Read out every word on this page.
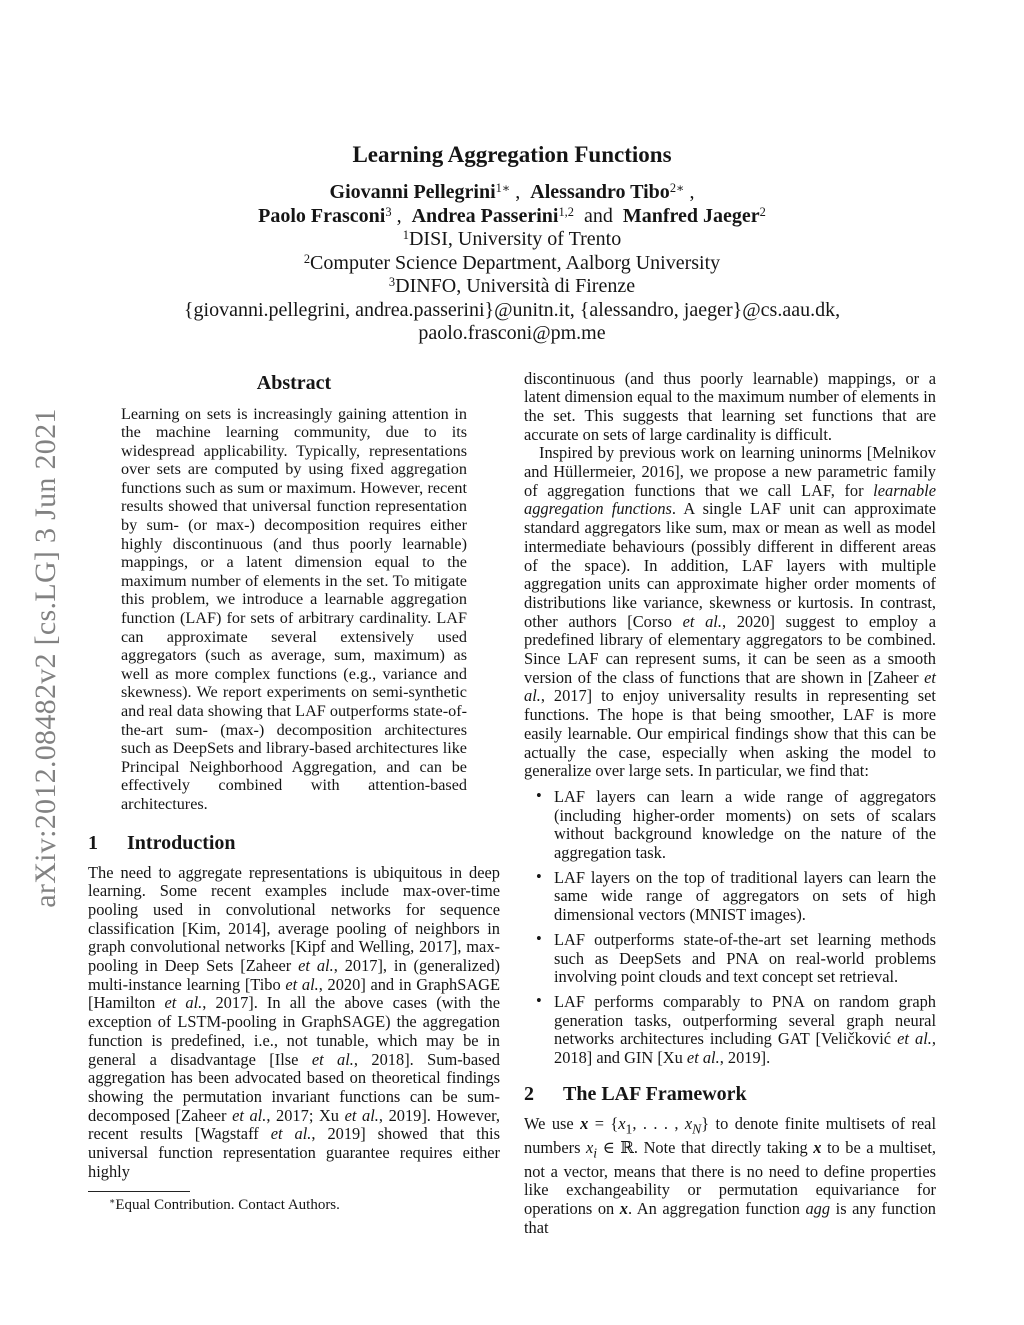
arXiv:2012.08482v2 [cs.LG] 3 Jun 2021
Learning Aggregation Functions
Giovanni Pellegrini$^{1∗}$ ,  Alessandro Tibo$^{2∗}$ ,
Paolo Frasconi$^3$ ,  Andrea Passerini$^{1,2}$  and  Manfred Jaeger$^2$
$^1$DISI, University of Trento
$^2$Computer Science Department, Aalborg University
$^3$DINFO, Università di Firenze
{giovanni.pellegrini, andrea.passerini}@unitn.it, {alessandro, jaeger}@cs.aau.dk,
paolo.frasconi@pm.me
Abstract

Learning on sets is increasingly gaining attention in the machine learning community, due to its widespread applicability. Typically, representations over sets are computed by using fixed aggregation functions such as sum or maximum. However, recent results showed that universal function representation by sum- (or max-) decomposition requires either highly discontinuous (and thus poorly learnable) mappings, or a latent dimension equal to the maximum number of elements in the set. To mitigate this problem, we introduce a learnable aggregation function (LAF) for sets of arbitrary cardinality. LAF can approximate several extensively used aggregators (such as average, sum, maximum) as well as more complex functions (e.g., variance and skewness). We report experiments on semi-synthetic and real data showing that LAF outperforms state-of-the-art sum- (max-) decomposition architectures such as DeepSets and library-based architectures like Principal Neighborhood Aggregation, and can be effectively combined with attention-based architectures.

1 Introduction

The need to aggregate representations is ubiquitous in deep learning. Some recent examples include max-over-time pooling used in convolutional networks for sequence classification [Kim, 2014], average pooling of neighbors in graph convolutional networks [Kipf and Welling, 2017], max-pooling in Deep Sets [Zaheer et al., 2017], in (generalized) multi-instance learning [Tibo et al., 2020] and in GraphSAGE [Hamilton et al., 2017]. In all the above cases (with the exception of LSTM-pooling in GraphSAGE) the aggregation function is predefined, i.e., not tunable, which may be in general a disadvantage [Ilse et al., 2018]. Sum-based aggregation has been advocated based on theoretical findings showing the permutation invariant functions can be sum-decomposed [Zaheer et al., 2017; Xu et al., 2019]. However, recent results [Wagstaff et al., 2019] showed that this universal function representation guarantee requires either highly

∗Equal Contribution. Contact Authors.

discontinuous (and thus poorly learnable) mappings, or a latent dimension equal to the maximum number of elements in the set. This suggests that learning set functions that are accurate on sets of large cardinality is difficult.

Inspired by previous work on learning uninorms [Melnikov and Hüllermeier, 2016], we propose a new parametric family of aggregation functions that we call LAF, for learnable aggregation functions. A single LAF unit can approximate standard aggregators like sum, max or mean as well as model intermediate behaviours (possibly different in different areas of the space). In addition, LAF layers with multiple aggregation units can approximate higher order moments of distributions like variance, skewness or kurtosis. In contrast, other authors [Corso et al., 2020] suggest to employ a predefined library of elementary aggregators to be combined. Since LAF can represent sums, it can be seen as a smooth version of the class of functions that are shown in [Zaheer et al., 2017] to enjoy universality results in representing set functions. The hope is that being smoother, LAF is more easily learnable. Our empirical findings show that this can be actually the case, especially when asking the model to generalize over large sets. In particular, we find that:

• LAF layers can learn a wide range of aggregators (including higher-order moments) on sets of scalars without background knowledge on the nature of the aggregation task.
• LAF layers on the top of traditional layers can learn the same wide range of aggregators on sets of high dimensional vectors (MNIST images).
• LAF outperforms state-of-the-art set learning methods such as DeepSets and PNA on real-world problems involving point clouds and text concept set retrieval.
• LAF performs comparably to PNA on random graph generation tasks, outperforming several graph neural networks architectures including GAT [Veličković et al., 2018] and GIN [Xu et al., 2019].
2 The LAF Framework

We use $x = \{x_1$, . . . , $x_N$} to denote finite multisets of real numbers $x_i$ ∈ ℝ. Note that directly taking x to be a multiset, not a vector, means that there is no need to define properties like exchangeability or permutation equivariance for operations on x. An aggregation function agg is any function that
